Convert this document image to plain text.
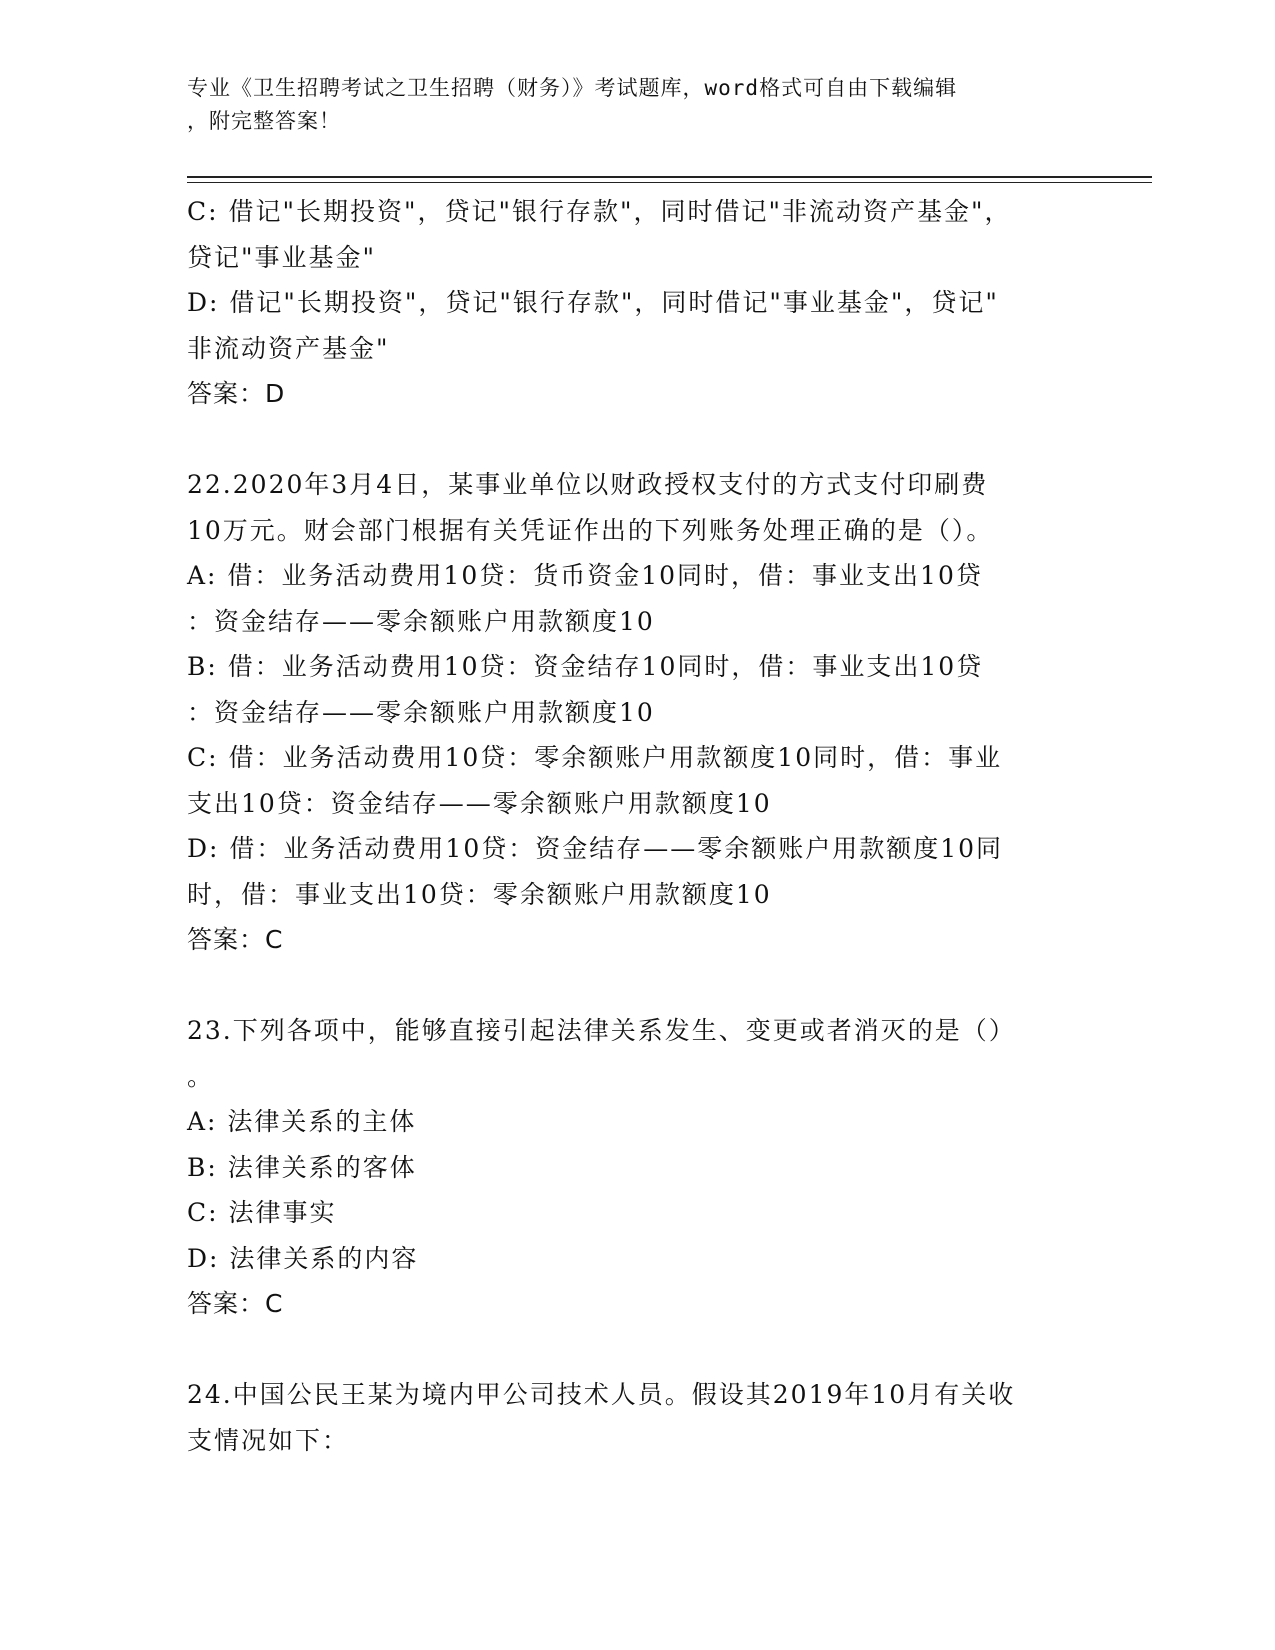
专业《卫生招聘考试之卫生招聘（财务）》考试题库，word格式可自由下载编辑
，附完整答案！
C: 借记"长期投资"，贷记"银行存款"，同时借记"非流动资产基金"，
贷记"事业基金"
D: 借记"长期投资"，贷记"银行存款"，同时借记"事业基金"，贷记"
非流动资产基金"
答案：D
22.2020年3月4日，某事业单位以财政授权支付的方式支付印刷费
10万元。财会部门根据有关凭证作出的下列账务处理正确的是（）。
A: 借：业务活动费用10贷：货币资金10同时，借：事业支出10贷
：资金结存——零余额账户用款额度10
B: 借：业务活动费用10贷：资金结存10同时，借：事业支出10贷
：资金结存——零余额账户用款额度10
C: 借：业务活动费用10贷：零余额账户用款额度10同时，借：事业
支出10贷：资金结存——零余额账户用款额度10
D: 借：业务活动费用10贷：资金结存——零余额账户用款额度10同
时，借：事业支出10贷：零余额账户用款额度10
答案：C
23.下列各项中，能够直接引起法律关系发生、变更或者消灭的是（）
。
A: 法律关系的主体
B: 法律关系的客体
C: 法律事实
D: 法律关系的内容
答案：C
24.中国公民王某为境内甲公司技术人员。假设其2019年10月有关收
支情况如下：
